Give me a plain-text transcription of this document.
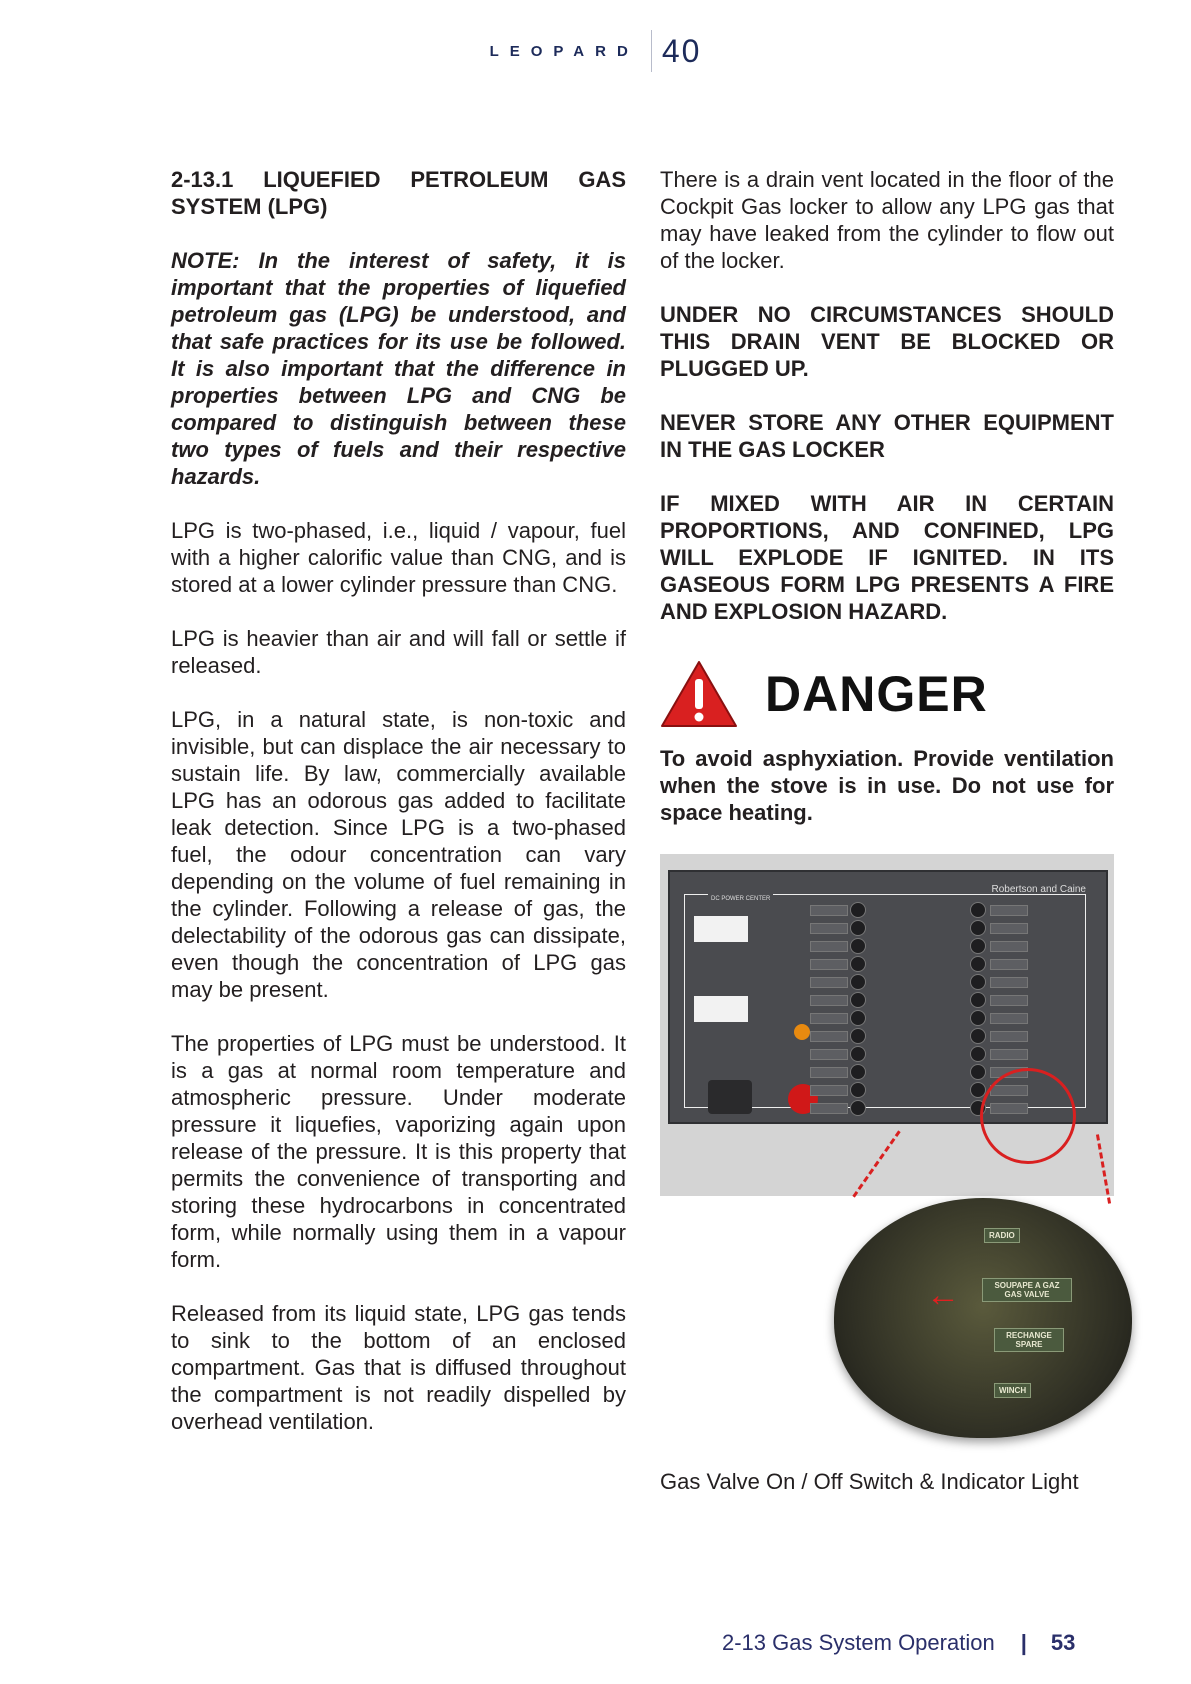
LEOPARD 40
2-13.1 LIQUEFIED PETROLEUM GAS SYSTEM (LPG)

NOTE: In the interest of safety, it is important that the properties of liquefied petroleum gas (LPG) be understood, and that safe practices for its use be followed. It is also important that the difference in properties between LPG and CNG be compared to distinguish between these two types of fuels and their respective hazards.

LPG is two-phased, i.e., liquid / vapour, fuel with a higher calorific value than CNG, and is stored at a lower cylinder pressure than CNG.

LPG is heavier than air and will fall or settle if released.

LPG, in a natural state, is non-toxic and invisible, but can displace the air necessary to sustain life. By law, commercially available LPG has an odorous gas added to facilitate leak detection. Since LPG is a two-phased fuel, the odour concentration can vary depending on the volume of fuel remaining in the cylinder. Following a release of gas, the delectability of the odorous gas can dissipate, even though the concentration of LPG gas may be present.

The properties of LPG must be understood. It is a gas at normal room temperature and atmospheric pressure. Under moderate pressure it liquefies, vaporizing again upon release of the pressure. It is this property that permits the convenience of transporting and storing these hydrocarbons in concentrated form, while normally using them in a vapour form.

Released from its liquid state, LPG gas tends to sink to the bottom of an enclosed compartment. Gas that is diffused throughout the compartment is not readily dispelled by overhead ventilation.

There is a drain vent located in the floor of the Cockpit Gas locker to allow any LPG gas that may have leaked from the cylinder to flow out of the locker.

UNDER NO CIRCUMSTANCES SHOULD THIS DRAIN VENT BE BLOCKED OR PLUGGED UP.

NEVER STORE ANY OTHER EQUIPMENT IN THE GAS LOCKER

IF MIXED WITH AIR IN CERTAIN PROPORTIONS, AND CONFINED, LPG WILL EXPLODE IF IGNITED. IN ITS GASEOUS FORM LPG PRESENTS A FIRE AND EXPLOSION HAZARD.

DANGER
To avoid asphyxiation. Provide ventilation when the stove is in use. Do not use for space heating.
Robertson and Caine
DC POWER CENTER
RADIO
SOUPAPE A GAZ GAS VALVE
RECHANGE SPARE
WINCH
←
Gas Valve On / Off Switch & Indicator Light
2-13 Gas System Operation | 53
